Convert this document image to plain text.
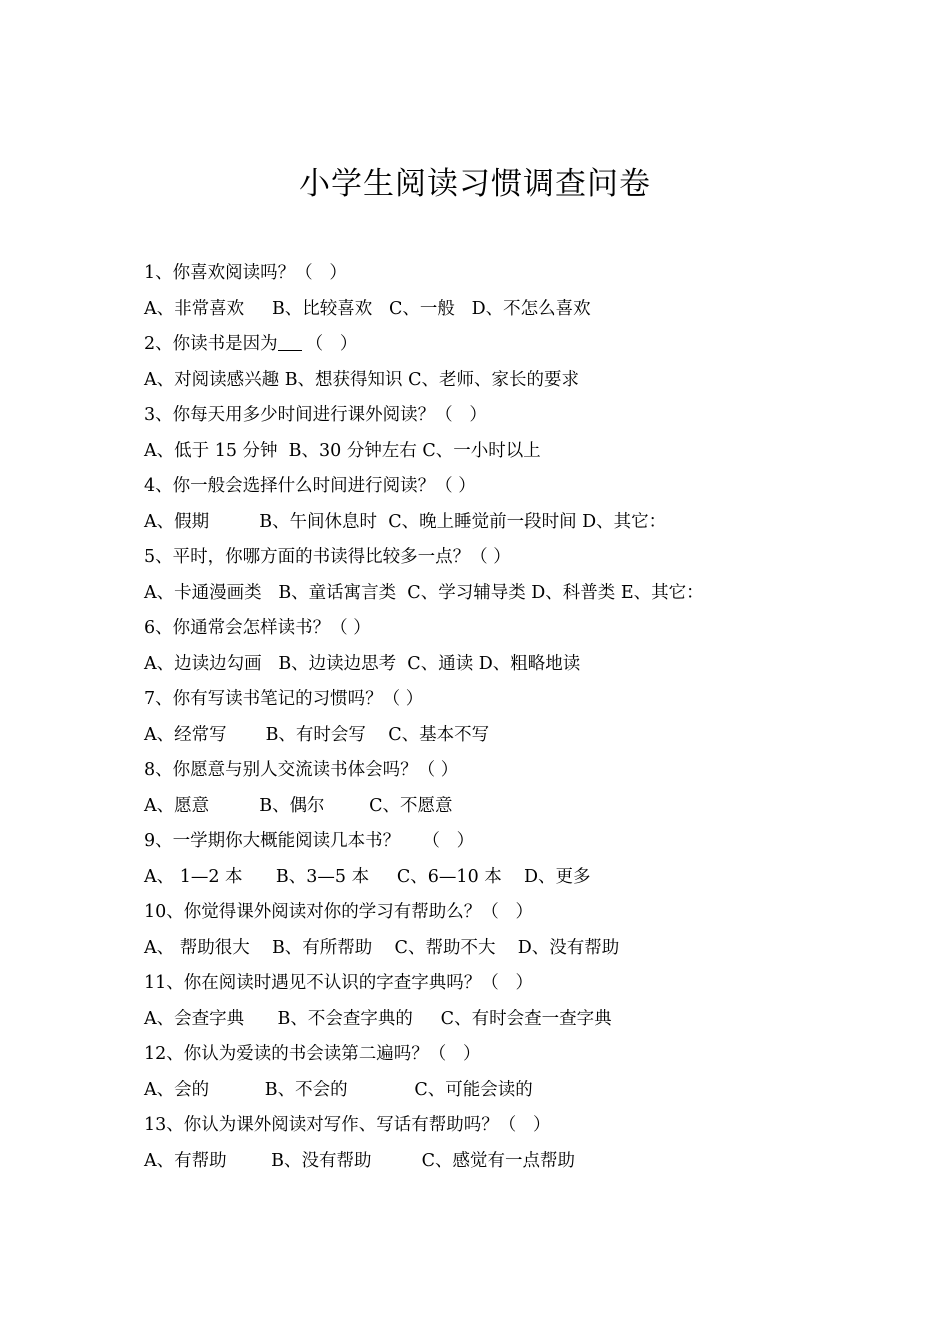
小学生阅读习惯调查问卷
1、你喜欢阅读吗？（   ）
A、非常喜欢     B、比较喜欢   C、一般   D、不怎么喜欢
2、你读书是因为 （   ）
A、对阅读感兴趣 B、想获得知识 C、老师、家长的要求
3、你每天用多少时间进行课外阅读？（   ）
A、低于 15 分钟  B、30 分钟左右 C、一小时以上
4、你一般会选择什么时间进行阅读？（ ）
A、假期         B、午间休息时  C、晚上睡觉前一段时间 D、其它：
5、平时，你哪方面的书读得比较多一点？（ ）
A、卡通漫画类   B、童话寓言类  C、学习辅导类 D、科普类 E、其它：
6、你通常会怎样读书？（ ）
A、边读边勾画   B、边读边思考  C、通读 D、粗略地读
7、你有写读书笔记的习惯吗？（ ）
A、经常写       B、有时会写    C、基本不写
8、你愿意与别人交流读书体会吗？（ ）
A、愿意         B、偶尔        C、不愿意
9、一学期你大概能阅读几本书？    （   ）
A、 1—2 本      B、3—5 本     C、6—10 本    D、更多
10、你觉得课外阅读对你的学习有帮助么？（   ）
A、 帮助很大    B、有所帮助    C、帮助不大    D、没有帮助
11、你在阅读时遇见不认识的字查字典吗？（   ）
A、会查字典      B、不会查字典的     C、有时会查一查字典
12、你认为爱读的书会读第二遍吗？（   ）
A、会的          B、不会的            C、可能会读的
13、你认为课外阅读对写作、写话有帮助吗？（   ）
A、有帮助        B、没有帮助         C、感觉有一点帮助
